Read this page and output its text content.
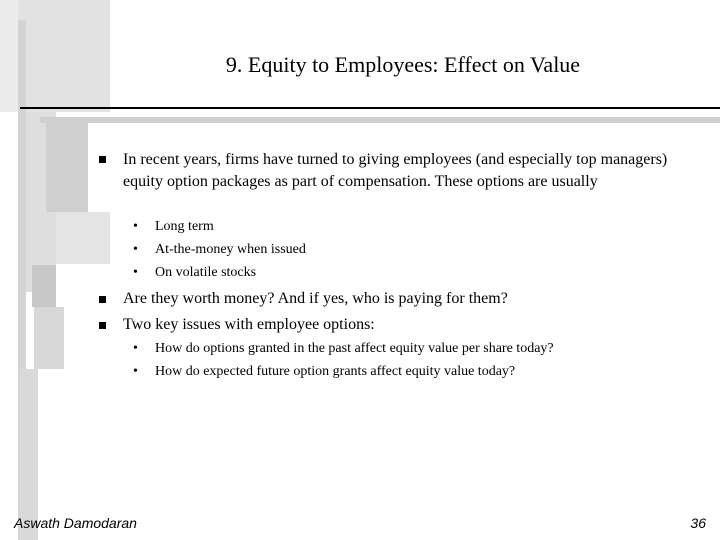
9. Equity to Employees: Effect on Value
In recent years, firms have turned to giving employees (and especially top managers) equity option packages as part of compensation. These options are usually
• Long term
• At-the-money when issued
• On volatile stocks
Are they worth money? And if yes, who is paying for them?
Two key issues with employee options:
• How do options granted in the past affect equity value per share today?
• How do expected future option grants affect equity value today?
Aswath Damodaran	36
